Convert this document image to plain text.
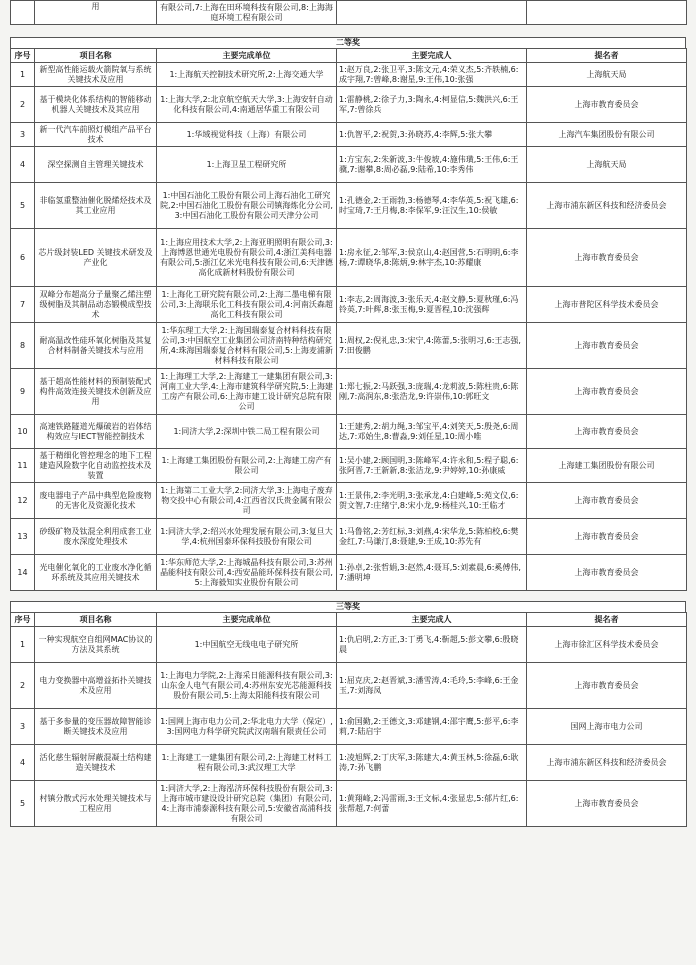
	用	有限公司,7:上海在田环境科技有限公司,8:上海海庭环境工程有限公司		
二等奖
序号	项目名称	主要完成单位	主要完成人	提名者
1	新型高性能运载火箭院氧与系统关键技术及应用	1:上海航天控制技术研究所,2:上海交通大学	1:赵万良,2:张卫平,3:陈文元,4:荣义杰,5:齐轶楠,6:成宇翔,7:曾峰,8:谢星,9:王伟,10:张强	上海航天局
2	基于模块化体系结构的智能移动机器人关键技术及其应用	1:上海大学,2:北京航空航天大学,3:上海安轩自动化科技有限公司,4:南通居华重工有限公司	1:雷静桃,2:徐子力,3:陶永,4:柯显信,5:魏洪兴,6:王军,7:曾徐兵	上海市教育委员会
3	新一代汽车前照灯模组产品平台技术	1:华域视觉科技（上海）有限公司	1:仇智平,2:祝贺,3:孙晓苏,4:李辉,5:张大攀	上海汽车集团股份有限公司
4	深空探测自主管理关键技术	1:上海卫星工程研究所	1:方宝东,2:朱新波,3:牛俊坡,4:施伟璜,5:王伟,6:王骥,7:谢攀,8:周必磊,9:陆希,10:李秀伟	上海航天局
5	非临氢重整油催化脱烯烃技术及其工业应用	1:中国石油化工股份有限公司上海石油化工研究院,2:中国石油化工股份有限公司镇海炼化分公司,3:中国石油化工股份有限公司天津分公司	1:孔德金,2:王雨勃,3:杨德琴,4:李华英,5:祝飞雄,6:时宝琦,7:王月梅,8:李保军,9:汪汉生,10:侯敏	上海市浦东新区科技和经济委员会
6	芯片级封装LED 关键技术研发及产业化	1:上海应用技术大学,2:上海亚明照明有限公司,3:上海博恩世通光电股份有限公司,4:浙江美科电器有限公司,5:浙江亿米光电科技有限公司,6:天津德高化成新材料股份有限公司	1:房永征,2:邹军,3:侯京山,4:赵国营,5:石明明,6:李杨,7:谭晓华,8:陈炳,9:林宇杰,10:苏耀康	上海市教育委员会
7	双峰分布超高分子量聚乙烯注塑级树脂及其制品动态锻模成型技术	1:上海化工研究院有限公司,2:上海二墨电梯有限公司,3:上海联乐化工科技有限公司,4:河南沃森超高化工科技有限公司	1:李志,2:周海波,3:张乐天,4:赵文静,5:夏秋瑾,6:冯铃英,7:叶辉,8:张玉梅,9:夏晋程,10:沈强辉	上海市普陀区科学技术委员会
8	耐高温改性硅环氧化树脂及其复合材料制备关键技术与应用	1:华东理工大学,2:上海国瑞泰复合材料科技有限公司,3:中国航空工业集团公司济南特种结构研究所,4:珠海国瑞泰复合材料有限公司,5:上海麦浦新材料科技有限公司	1:周权,2:倪礼忠,3:宋宁,4:陈蕾,5:张明习,6:王志强,7:田俊鹏	上海市教育委员会
9	基于超高性能材料的预制装配式构件高效连接关键技术创新及应用	1:上海理工大学,2:上海建工一建集团有限公司,3:河南工业大学,4:上海市建筑科学研究院,5:上海建工房产有限公司,6:上海市建工设计研究总院有限公司	1:郑七振,2:马跃强,3:庞瑞,4:龙莉波,5:陈柱贵,6:陈刚,7:高润东,8:张浩龙,9:许崇伟,10:郭旺文	上海市教育委员会
10	高速铁路隧道光爆破岩的岩体结构效应与IECT智能控制技术	1:同济大学,2:深圳中铁二局工程有限公司	1:王建秀,2:胡力绳,3:邹宝平,4:刘笑天,5:殷尧,6:周达,7:邓始生,8:曹淼,9:刘任星,10:周小唯	上海市教育委员会
11	基于精细化管控理念的地下工程建造风险数字化自动监控技术及装置	1:上海建工集团股份有限公司,2:上海建工房产有限公司	1:吴小建,2:顾国明,3:陈峰军,4:许永和,5:程子聪,6:张阿晋,7:王新新,8:张洁龙,9:尹婷婷,10:孙康威	上海建工集团股份有限公司
12	废电器电子产品中典型危险废物的无害化及资源化技术	1:上海第二工业大学,2:同济大学,3:上海电子废弃物交投中心有限公司,4:江西省汉氏贵金属有限公司	1:王景伟,2:李光明,3:张承龙,4:白建峰,5:苑文仪,6:贺文智,7:庄绪宁,8:宋小龙,9:杨桂兴,10:王临才	上海市教育委员会
13	砂级矿物及钛混全利用成套工业废水深度处理技术	1:同济大学,2:绍兴水处理发展有限公司,3:复旦大学,4:杭州国泰环保科技股份有限公司	1:马鲁铭,2:芳红标,3:刘燕,4:宋华龙,5:陈柏校,6:樊金红,7:马谦汀,8:聂建,9:王成,10:苏先有	上海市教育委员会
14	光电催化氧化的工业废水净化循环系统及其应用关键技术	1:华东师范大学,2:上海城晶科技有限公司,3:苏州晶能科技有限公司,4:西安晶能环保科技有限公司,5:上海毅知实业股份有限公司	1:孙卓,2:张哲娟,3:赵然,4:聂耳,5:刘素晨,6:奚傅伟,7:潘明坤	上海市教育委员会
三等奖
序号	项目名称	主要完成单位	主要完成人	提名者
1	一种实现航空自组网MAC协议的方法及其系统	1:中国航空无线电电子研究所	1:仇启明,2:方正,3:丁勇飞,4:靳超,5:彭文攀,6:殷晓晨	上海市徐汇区科学技术委员会
2	电力变换器中高增益拓扑关键技术及应用	1:上海电力学院,2:上海采日能源科技有限公司,3:山东金人电气有限公司,4:苏州东安光芯能源科技股份有限公司,5:上海太阳能科技有限公司	1:屈克庆,2:赵晋斌,3:潘雪涛,4:毛玲,5:李峰,6:王金玉,7:刘海凤	上海市教育委员会
3	基于多参量的变压器故障智能诊断关键技术及应用	1:国网上海市电力公司,2:华北电力大学（保定）,3:国网电力科学研究院武汉南瑞有限责任公司	1:俞国勤,2:王德文,3:邓建钢,4:邵宇鹰,5:彭平,6:李莉,7:陆启宇	国网上海市电力公司
4	活化慈生辐射屏蔽混凝土结构建造关键技术	1:上海建工一建集团有限公司,2:上海建工材料工程有限公司,3:武汉理工大学	1:凌旭辉,2:丁庆军,3:陈建大,4:黄玉林,5:徐磊,6:耿涛,7:孙飞鹏	上海市浦东新区科技和经济委员会
5	村镇分散式污水处理关键技术与工程应用	1:同济大学,2:上海泓济环保科技股份有限公司,3:上海市城市建设设计研究总院（集团）有限公司,4:上海市浦泰源科技有限公司,5:安徽省高浦科技有限公司	1:黄翔峰,2:冯雷雨,3:王文标,4:张显忠,5:郁片红,6:张帮超,7:何蕾	上海市教育委员会
